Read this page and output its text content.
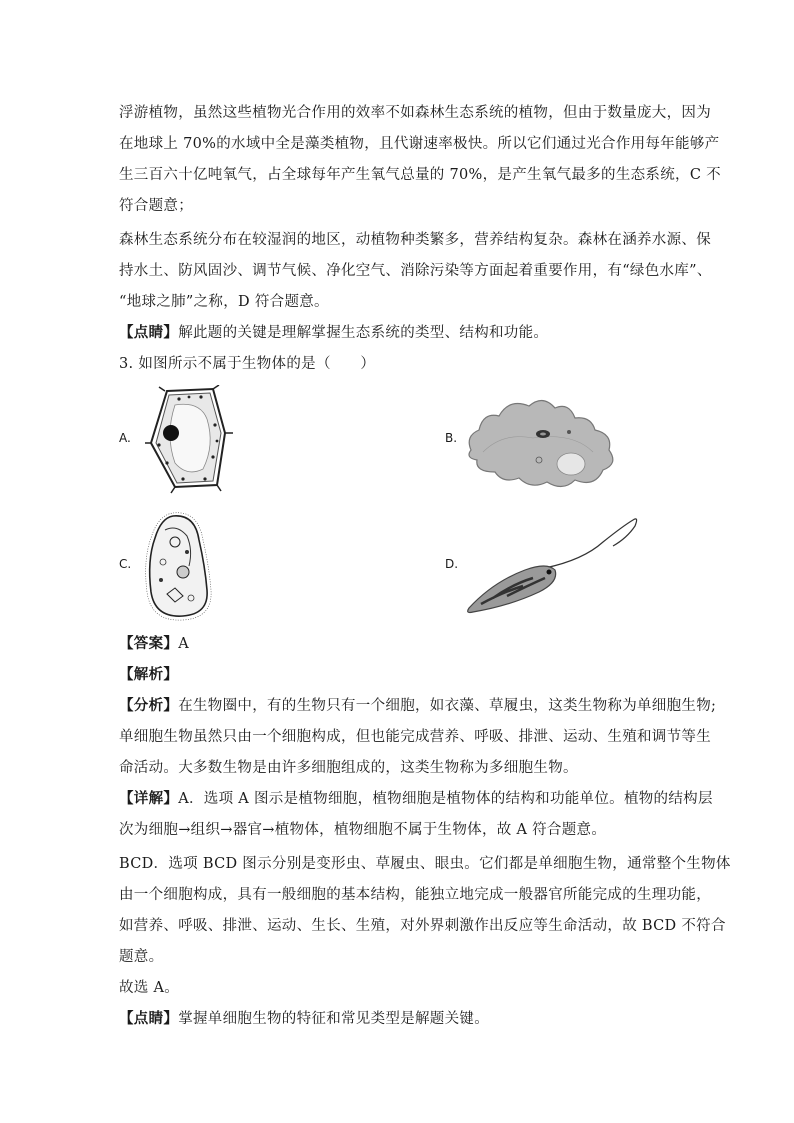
浮游植物，虽然这些植物光合作用的效率不如森林生态系统的植物，但由于数量庞大，因为
在地球上 70%的水域中全是藻类植物，且代谢速率极快。所以它们通过光合作用每年能够产
生三百六十亿吨氧气，占全球每年产生氧气总量的 70%，是产生氧气最多的生态系统，C 不
符合题意；
森林生态系统分布在较湿润的地区，动植物种类繁多，营养结构复杂。森林在涵养水源、保
持水土、防风固沙、调节气候、净化空气、消除污染等方面起着重要作用，有“绿色水库”、
“地球之肺”之称，D 符合题意。
【点睛】解此题的关键是理解掌握生态系统的类型、结构和功能。
3. 如图所示不属于生物体的是（　　）
A.	B.
C.	D.
【答案】A
【解析】
【分析】在生物圈中，有的生物只有一个细胞，如衣藻、草履虫，这类生物称为单细胞生物;
单细胞生物虽然只由一个细胞构成，但也能完成营养、呼吸、排泄、运动、生殖和调节等生
命活动。大多数生物是由许多细胞组成的，这类生物称为多细胞生物。
【详解】A．选项 A 图示是植物细胞，植物细胞是植物体的结构和功能单位。植物的结构层
次为细胞→组织→器官→植物体，植物细胞不属于生物体，故 A 符合题意。
BCD．选项 BCD 图示分别是变形虫、草履虫、眼虫。它们都是单细胞生物，通常整个生物体
由一个细胞构成，具有一般细胞的基本结构，能独立地完成一般器官所能完成的生理功能，
如营养、呼吸、排泄、运动、生长、生殖，对外界刺激作出反应等生命活动，故 BCD 不符合
题意。
故选 A。
【点睛】掌握单细胞生物的特征和常见类型是解题关键。
